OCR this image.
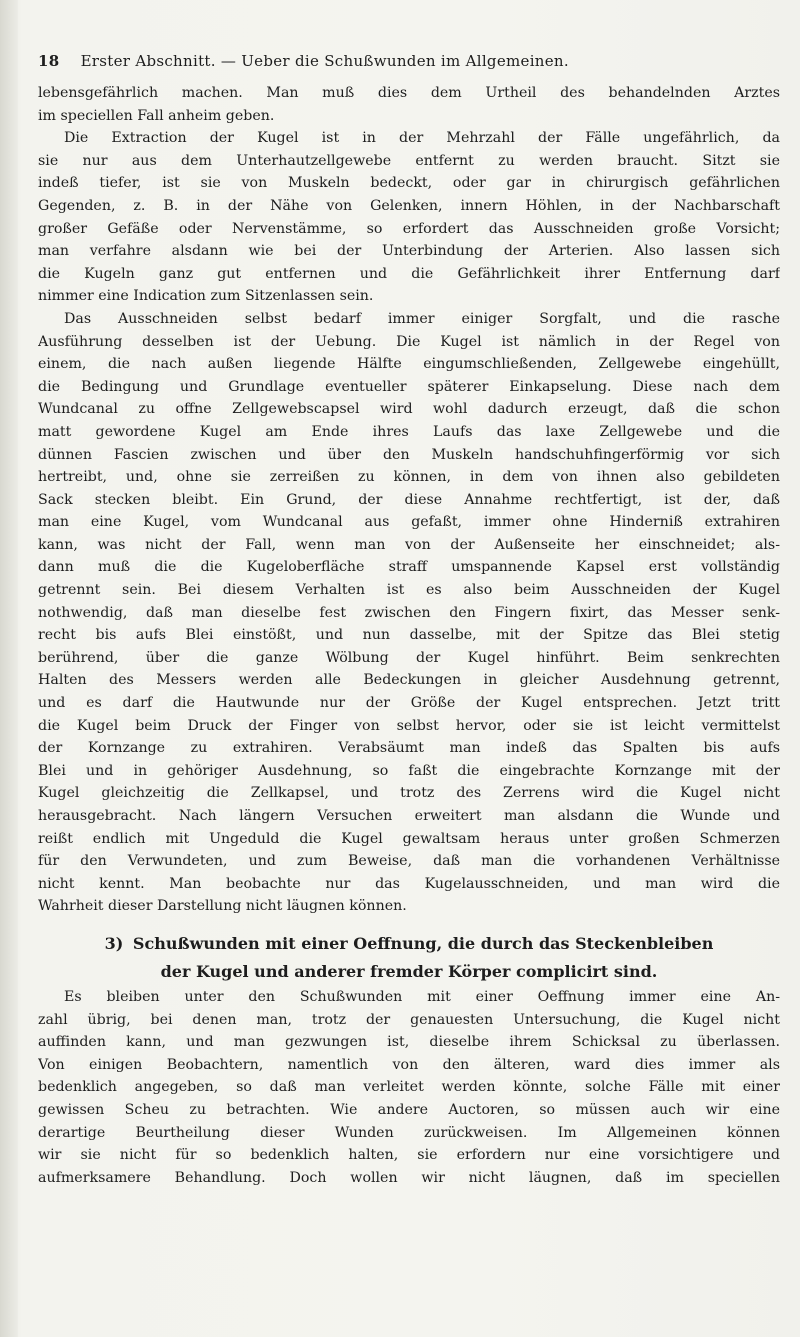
18 Erster Abschnitt. — Ueber die Schußwunden im Allgemeinen.
lebensgefährlich machen. Man muß dies dem Urtheil des behandelnden Arztes
im speciellen Fall anheim geben.
Die Extraction der Kugel ist in der Mehrzahl der Fälle ungefährlich, da
sie nur aus dem Unterhautzellgewebe entfernt zu werden braucht. Sitzt sie
indeß tiefer, ist sie von Muskeln bedeckt, oder gar in chirurgisch gefährlichen
Gegenden, z. B. in der Nähe von Gelenken, innern Höhlen, in der Nachbarschaft
großer Gefäße oder Nervenstämme, so erfordert das Ausschneiden große Vorsicht;
man verfahre alsdann wie bei der Unterbindung der Arterien. Also lassen sich
die Kugeln ganz gut entfernen und die Gefährlichkeit ihrer Entfernung darf
nimmer eine Indication zum Sitzenlassen sein.
Das Ausschneiden selbst bedarf immer einiger Sorgfalt, und die rasche
Ausführung desselben ist der Uebung. Die Kugel ist nämlich in der Regel von
einem, die nach außen liegende Hälfte eingumschließenden, Zellgewebe eingehüllt,
die Bedingung und Grundlage eventueller späterer Einkapselung. Diese nach dem
Wundcanal zu offne Zellgewebscapsel wird wohl dadurch erzeugt, daß die schon
matt gewordene Kugel am Ende ihres Laufs das laxe Zellgewebe und die
dünnen Fascien zwischen und über den Muskeln handschuhfingerförmig vor sich
hertreibt, und, ohne sie zerreißen zu können, in dem von ihnen also gebildeten
Sack stecken bleibt. Ein Grund, der diese Annahme rechtfertigt, ist der, daß
man eine Kugel, vom Wundcanal aus gefaßt, immer ohne Hinderniß extrahiren
kann, was nicht der Fall, wenn man von der Außenseite her einschneidet; als-
dann muß die die Kugeloberfläche straff umspannende Kapsel erst vollständig
getrennt sein. Bei diesem Verhalten ist es also beim Ausschneiden der Kugel
nothwendig, daß man dieselbe fest zwischen den Fingern fixirt, das Messer senk-
recht bis aufs Blei einstößt, und nun dasselbe, mit der Spitze das Blei stetig
berührend, über die ganze Wölbung der Kugel hinführt. Beim senkrechten
Halten des Messers werden alle Bedeckungen in gleicher Ausdehnung getrennt,
und es darf die Hautwunde nur der Größe der Kugel entsprechen. Jetzt tritt
die Kugel beim Druck der Finger von selbst hervor, oder sie ist leicht vermittelst
der Kornzange zu extrahiren. Verabsäumt man indeß das Spalten bis aufs
Blei und in gehöriger Ausdehnung, so faßt die eingebrachte Kornzange mit der
Kugel gleichzeitig die Zellkapsel, und trotz des Zerrens wird die Kugel nicht
herausgebracht. Nach längern Versuchen erweitert man alsdann die Wunde und
reißt endlich mit Ungeduld die Kugel gewaltsam heraus unter großen Schmerzen
für den Verwundeten, und zum Beweise, daß man die vorhandenen Verhältnisse
nicht kennt. Man beobachte nur das Kugelausschneiden, und man wird die
Wahrheit dieser Darstellung nicht läugnen können.
3) Schußwunden mit einer Oeffnung, die durch das Steckenbleiben
der Kugel und anderer fremder Körper complicirt sind.
Es bleiben unter den Schußwunden mit einer Oeffnung immer eine An-
zahl übrig, bei denen man, trotz der genauesten Untersuchung, die Kugel nicht
auffinden kann, und man gezwungen ist, dieselbe ihrem Schicksal zu überlassen.
Von einigen Beobachtern, namentlich von den älteren, ward dies immer als
bedenklich angegeben, so daß man verleitet werden könnte, solche Fälle mit einer
gewissen Scheu zu betrachten. Wie andere Auctoren, so müssen auch wir eine
derartige Beurtheilung dieser Wunden zurückweisen. Im Allgemeinen können
wir sie nicht für so bedenklich halten, sie erfordern nur eine vorsichtigere und
aufmerksamere Behandlung. Doch wollen wir nicht läugnen, daß im speciellen
